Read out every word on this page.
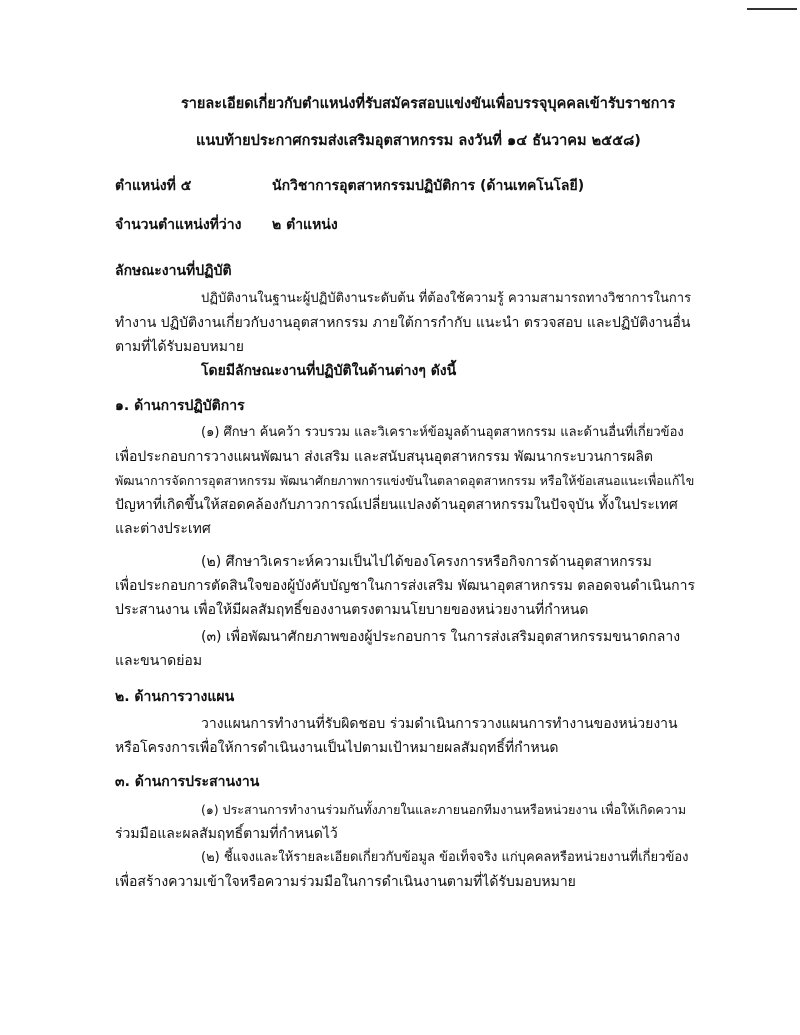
รายละเอียดเกี่ยวกับตำแหน่งที่รับสมัครสอบแข่งขันเพื่อบรรจุบุคคลเข้ารับราชการ
แนบท้ายประกาศกรมส่งเสริมอุตสาหกรรม ลงวันที่ ๑๔ ธันวาคม ๒๕๕๘)
ตำแหน่งที่ ๕	นักวิชาการอุตสาหกรรมปฏิบัติการ (ด้านเทคโนโลยี)
จำนวนตำแหน่งที่ว่าง ๒ ตำแหน่ง
ลักษณะงานที่ปฏิบัติ
ปฏิบัติงานในฐานะผู้ปฏิบัติงานระดับต้น ที่ต้องใช้ความรู้ ความสามารถทางวิชาการในการ
ทำงาน ปฏิบัติงานเกี่ยวกับงานอุตสาหกรรม ภายใต้การกำกับ แนะนำ ตรวจสอบ และปฏิบัติงานอื่น
ตามที่ได้รับมอบหมาย
โดยมีลักษณะงานที่ปฏิบัติในด้านต่างๆ ดังนี้
๑. ด้านการปฏิบัติการ
(๑) ศึกษา ค้นคว้า รวบรวม และวิเคราะห์ข้อมูลด้านอุตสาหกรรม และด้านอื่นที่เกี่ยวข้อง
เพื่อประกอบการวางแผนพัฒนา ส่งเสริม และสนับสนุนอุตสาหกรรม พัฒนากระบวนการผลิต
พัฒนาการจัดการอุตสาหกรรม พัฒนาศักยภาพการแข่งขันในตลาดอุตสาหกรรม หรือให้ข้อเสนอแนะเพื่อแก้ไข
ปัญหาที่เกิดขึ้นให้สอดคล้องกับภาวการณ์เปลี่ยนแปลงด้านอุตสาหกรรมในปัจจุบัน ทั้งในประเทศ
และต่างประเทศ
(๒) ศึกษาวิเคราะห์ความเป็นไปได้ของโครงการหรือกิจการด้านอุตสาหกรรม
เพื่อประกอบการตัดสินใจของผู้บังคับบัญชาในการส่งเสริม พัฒนาอุตสาหกรรม ตลอดจนดำเนินการ
ประสานงาน เพื่อให้มีผลสัมฤทธิ์ของงานตรงตามนโยบายของหน่วยงานที่กำหนด
(๓) เพื่อพัฒนาศักยภาพของผู้ประกอบการ ในการส่งเสริมอุตสาหกรรมขนาดกลาง
และขนาดย่อม
๒. ด้านการวางแผน
วางแผนการทำงานที่รับผิดชอบ ร่วมดำเนินการวางแผนการทำงานของหน่วยงาน
หรือโครงการเพื่อให้การดำเนินงานเป็นไปตามเป้าหมายผลสัมฤทธิ์ที่กำหนด
๓. ด้านการประสานงาน
(๑) ประสานการทำงานร่วมกันทั้งภายในและภายนอกทีมงานหรือหน่วยงาน เพื่อให้เกิดความ
ร่วมมือและผลสัมฤทธิ์ตามที่กำหนดไว้
(๒) ชี้แจงและให้รายละเอียดเกี่ยวกับข้อมูล ข้อเท็จจริง แก่บุคคลหรือหน่วยงานที่เกี่ยวข้อง
เพื่อสร้างความเข้าใจหรือความร่วมมือในการดำเนินงานตามที่ได้รับมอบหมาย
